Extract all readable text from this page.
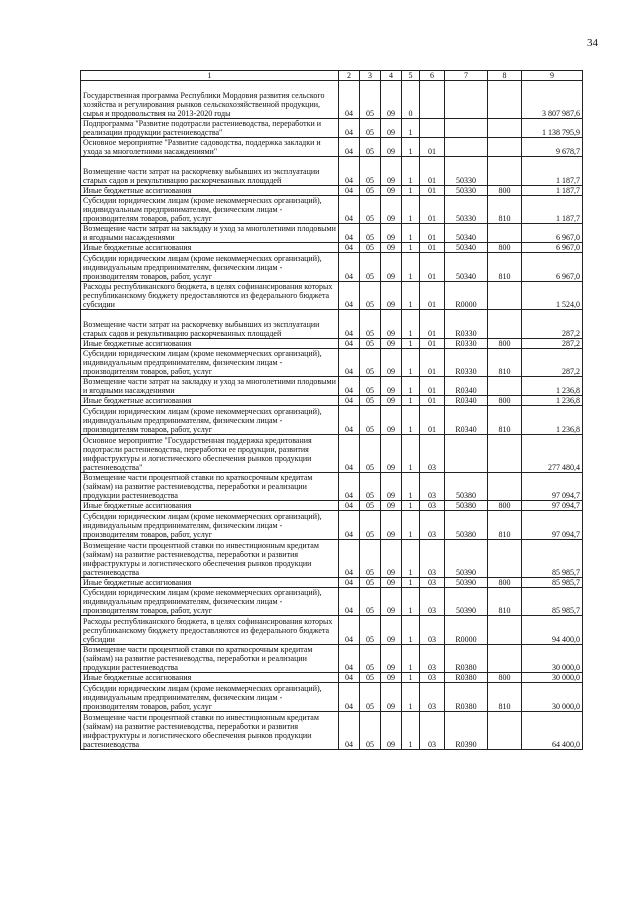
34
1	2	3	4	5	6	7	8	9
Государственная программа Республики Мордовия развития сельского хозяйства и регулирования рынков сельскохозяйственной продукции, сырья и продовольствия на 2013-2020 годы	04	05	09	0				3 807 987,6
Подпрограмма "Развитие подотрасли растениеводства, переработки и реализации продукции растениеводства"	04	05	09	1				1 138 795,9
Основное мероприятие "Развитие садоводства, поддержка закладки и ухода за многолетними насаждениями"	04	05	09	1	01			9 678,7
Возмещение части затрат на раскорчевку выбывших из эксплуатации старых садов и рекультивацию раскорчеванных площадей	04	05	09	1	01	50330		1 187,7
Иные бюджетные ассигнования	04	05	09	1	01	50330	800	1 187,7
Субсидии юридическим лицам (кроме некоммерческих организаций), индивидуальным предпринимателям, физическим лицам - производителям товаров, работ, услуг	04	05	09	1	01	50330	810	1 187,7
Возмещение части затрат на закладку и уход за многолетними плодовыми и ягодными насаждениями	04	05	09	1	01	50340		6 967,0
Иные бюджетные ассигнования	04	05	09	1	01	50340	800	6 967,0
Субсидии юридическим лицам (кроме некоммерческих организаций), индивидуальным предпринимателям, физическим лицам - производителям товаров, работ, услуг	04	05	09	1	01	50340	810	6 967,0
Расходы республиканского бюджета, в целях софинансирования которых республиканскому бюджету предоставляются из федерального бюджета субсидии	04	05	09	1	01	R0000		1 524,0
Возмещение части затрат на раскорчевку выбывших из эксплуатации старых садов и рекультивацию раскорчеванных площадей	04	05	09	1	01	R0330		287,2
Иные бюджетные ассигнования	04	05	09	1	01	R0330	800	287,2
Субсидии юридическим лицам (кроме некоммерческих организаций), индивидуальным предпринимателям, физическим лицам - производителям товаров, работ, услуг	04	05	09	1	01	R0330	810	287,2
Возмещение части затрат на закладку и уход за многолетними плодовыми и ягодными насаждениями	04	05	09	1	01	R0340		1 236,8
Иные бюджетные ассигнования	04	05	09	1	01	R0340	800	1 236,8
Субсидии юридическим лицам (кроме некоммерческих организаций), индивидуальным предпринимателям, физическим лицам - производителям товаров, работ, услуг	04	05	09	1	01	R0340	810	1 236,8
Основное мероприятие "Государственная поддержка кредитования подотрасли растениеводства, переработки ее продукции, развития инфраструктуры и логистического обеспечения рынков продукции растениеводства"	04	05	09	1	03			277 480,4
Возмещение части процентной ставки по краткосрочным кредитам (займам) на развитие растениеводства, переработки и реализации продукции растениеводства	04	05	09	1	03	50380		97 094,7
Иные бюджетные ассигнования	04	05	09	1	03	50380	800	97 094,7
Субсидии юридическим лицам (кроме некоммерческих организаций), индивидуальным предпринимателям, физическим лицам - производителям товаров, работ, услуг	04	05	09	1	03	50380	810	97 094,7
Возмещение части процентной ставки по инвестиционным кредитам (займам) на развитие растениеводства, переработки и развития инфраструктуры и логистического обеспечения рынков продукции растениеводства	04	05	09	1	03	50390		85 985,7
Иные бюджетные ассигнования	04	05	09	1	03	50390	800	85 985,7
Субсидии юридическим лицам (кроме некоммерческих организаций), индивидуальным предпринимателям, физическим лицам - производителям товаров, работ, услуг	04	05	09	1	03	50390	810	85 985,7
Расходы республиканского бюджета, в целях софинансирования которых республиканскому бюджету предоставляются из федерального бюджета субсидии	04	05	09	1	03	R0000		94 400,0
Возмещение части процентной ставки по краткосрочным кредитам (займам) на развитие растениеводства, переработки и реализации продукции растениеводства	04	05	09	1	03	R0380		30 000,0
Иные бюджетные ассигнования	04	05	09	1	03	R0380	800	30 000,0
Субсидии юридическим лицам (кроме некоммерческих организаций), индивидуальным предпринимателям, физическим лицам - производителям товаров, работ, услуг	04	05	09	1	03	R0380	810	30 000,0
Возмещение части процентной ставки по инвестиционным кредитам (займам) на развитие растениеводства, переработки и развития инфраструктуры и логистического обеспечения рынков продукции растениеводства	04	05	09	1	03	R0390		64 400,0
